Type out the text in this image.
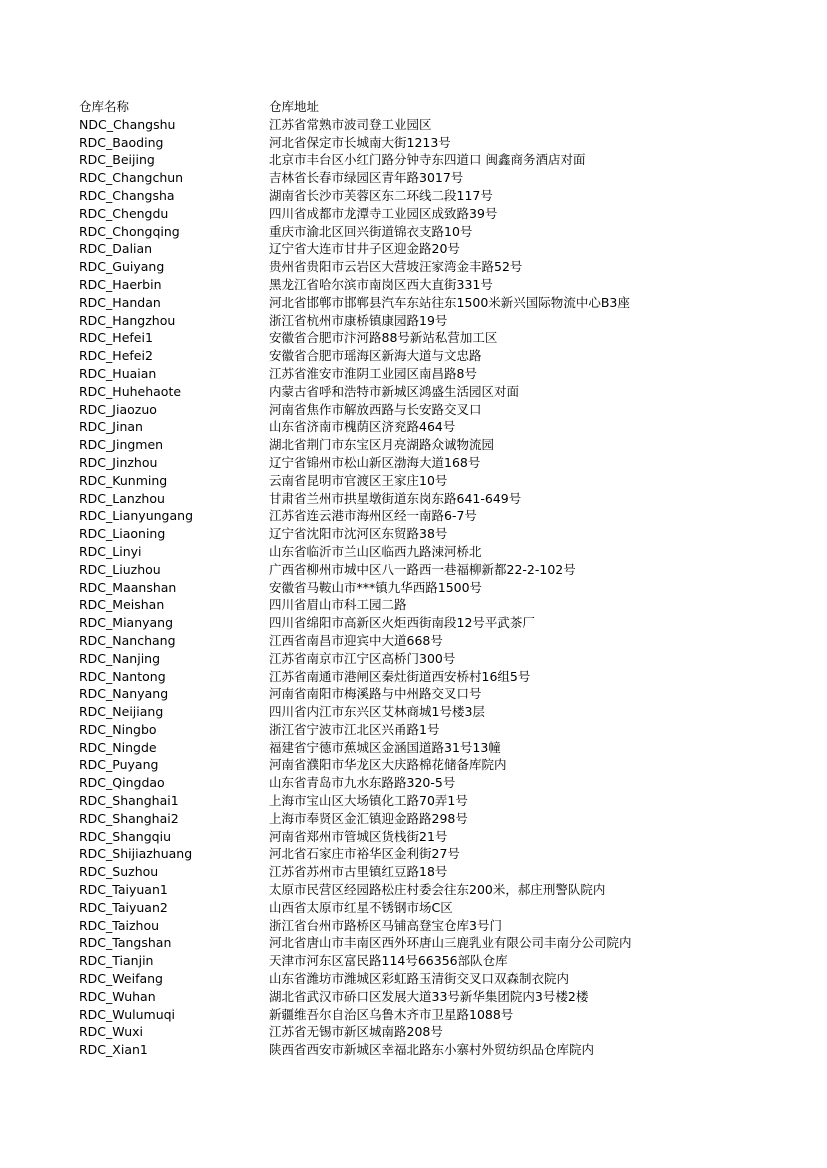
仓库名称	仓库地址
NDC_Changshu	江苏省常熟市波司登工业园区
RDC_Baoding	河北省保定市长城南大街1213号
RDC_Beijing	北京市丰台区小红门路分钟寺东四道口 闽鑫商务酒店对面
RDC_Changchun	吉林省长春市绿园区青年路3017号
RDC_Changsha	湖南省长沙市芙蓉区东二环线二段117号
RDC_Chengdu	四川省成都市龙潭寺工业园区成致路39号
RDC_Chongqing	重庆市渝北区回兴街道锦衣支路10号
RDC_Dalian	辽宁省大连市甘井子区迎金路20号
RDC_Guiyang	贵州省贵阳市云岩区大营坡汪家湾金丰路52号
RDC_Haerbin	黑龙江省哈尔滨市南岗区西大直街331号
RDC_Handan	河北省邯郸市邯郸县汽车东站往东1500米新兴国际物流中心B3座
RDC_Hangzhou	浙江省杭州市康桥镇康园路19号
RDC_Hefei1	安徽省合肥市汴河路88号新站私营加工区
RDC_Hefei2	安徽省合肥市瑶海区新海大道与文忠路
RDC_Huaian	江苏省淮安市淮阴工业园区南昌路8号
RDC_Huhehaote	内蒙古省呼和浩特市新城区鸿盛生活园区对面
RDC_Jiaozuo	河南省焦作市解放西路与长安路交叉口
RDC_Jinan	山东省济南市槐荫区济兖路464号
RDC_Jingmen	湖北省荆门市东宝区月亮湖路众诚物流园
RDC_Jinzhou	辽宁省锦州市松山新区渤海大道168号
RDC_Kunming	云南省昆明市官渡区王家庄10号
RDC_Lanzhou	甘肃省兰州市拱星墩街道东岗东路641-649号
RDC_Lianyungang	江苏省连云港市海州区经一南路6-7号
RDC_Liaoning	辽宁省沈阳市沈河区东贸路38号
RDC_Linyi	山东省临沂市兰山区临西九路涑河桥北
RDC_Liuzhou	广西省柳州市城中区八一路西一巷福柳新都22-2-102号
RDC_Maanshan	安徽省马鞍山市***镇九华西路1500号
RDC_Meishan	四川省眉山市科工园二路
RDC_Mianyang	四川省绵阳市高新区火炬西街南段12号平武茶厂
RDC_Nanchang	江西省南昌市迎宾中大道668号
RDC_Nanjing	江苏省南京市江宁区高桥门300号
RDC_Nantong	江苏省南通市港闸区秦灶街道西安桥村16组5号
RDC_Nanyang	河南省南阳市梅溪路与中州路交叉口号
RDC_Neijiang	四川省内江市东兴区艾林商城1号楼3层
RDC_Ningbo	浙江省宁波市江北区兴甬路1号
RDC_Ningde	福建省宁德市蕉城区金涵国道路31号13幢
RDC_Puyang	河南省濮阳市华龙区大庆路棉花储备库院内
RDC_Qingdao	山东省青岛市九水东路路320-5号
RDC_Shanghai1	上海市宝山区大场镇化工路70弄1号
RDC_Shanghai2	上海市奉贤区金汇镇迎金路路298号
RDC_Shangqiu	河南省郑州市管城区货栈街21号
RDC_Shijiazhuang	河北省石家庄市裕华区金利街27号
RDC_Suzhou	江苏省苏州市古里镇红豆路18号
RDC_Taiyuan1	太原市民营区经园路松庄村委会往东200米，郝庄刑警队院内
RDC_Taiyuan2	山西省太原市红星不锈钢市场C区
RDC_Taizhou	浙江省台州市路桥区马铺高登宝仓库3号门
RDC_Tangshan	河北省唐山市丰南区西外环唐山三鹿乳业有限公司丰南分公司院内
RDC_Tianjin	天津市河东区富民路114号66356部队仓库
RDC_Weifang	山东省潍坊市潍城区彩虹路玉清街交叉口双森制衣院内
RDC_Wuhan	湖北省武汉市硚口区发展大道33号新华集团院内3号楼2楼
RDC_Wulumuqi	新疆维吾尔自治区乌鲁木齐市卫星路1088号
RDC_Wuxi	江苏省无锡市新区城南路208号
RDC_Xian1	陕西省西安市新城区幸福北路东小寨村外贸纺织品仓库院内
